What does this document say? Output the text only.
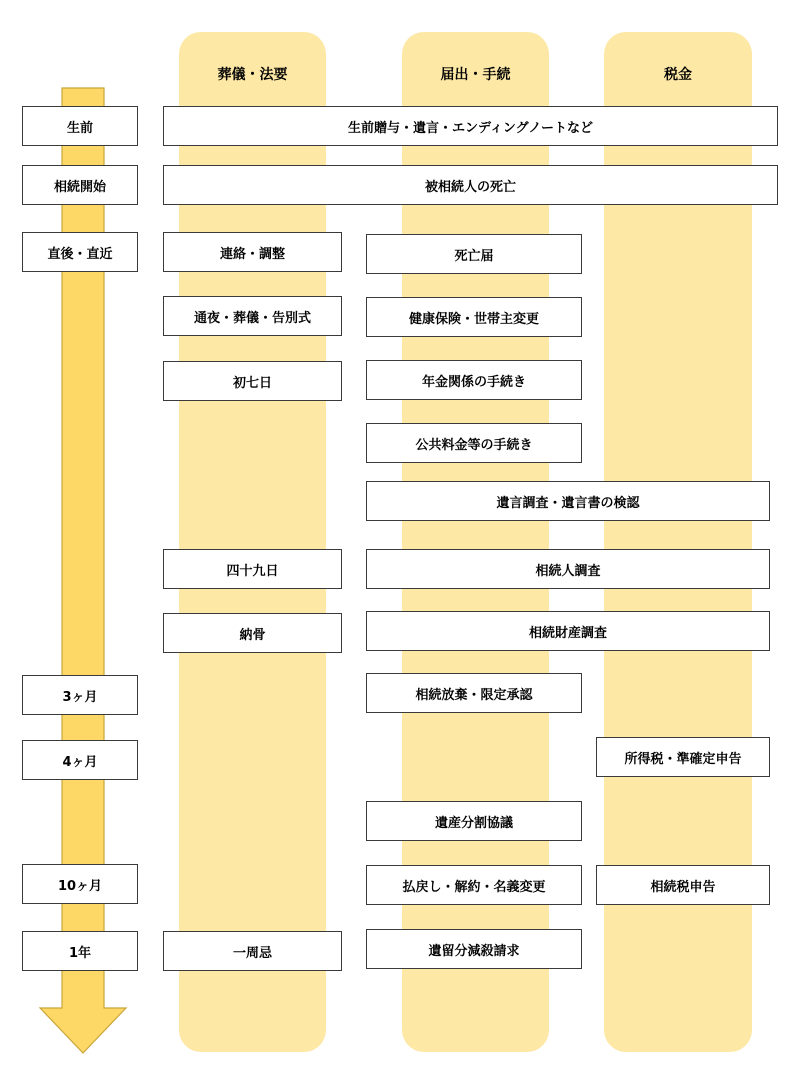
葬儀・法要	届出・手続	税金
生前
相続開始
直後・直近
3ヶ月
4ヶ月
10ヶ月
1年
生前贈与・遺言・エンディングノートなど
被相続人の死亡
連絡・調整
通夜・葬儀・告別式
初七日
四十九日
納骨
一周忌
死亡届
健康保険・世帯主変更
年金関係の手続き
公共料金等の手続き
遺言調査・遺言書の検認
相続人調査
相続財産調査
相続放棄・限定承認
遺産分割協議
払戻し・解約・名義変更
遺留分減殺請求
所得税・準確定申告
相続税申告
